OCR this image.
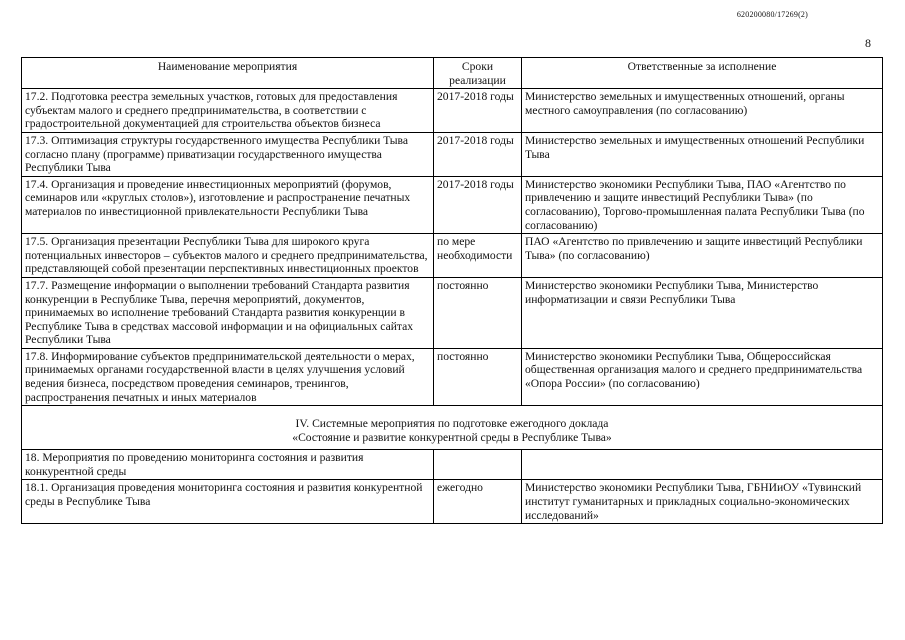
620200080/17269(2)
8
Наименование мероприятия	Сроки реализации	Ответственные за исполнение
17.2. Подготовка реестра земельных участков, готовых для предоставления субъектам малого и среднего предпринимательства, в соответствии с градостроительной документацией для строительства объектов бизнеса	2017-2018 годы	Министерство земельных и имущественных отношений, органы местного самоуправления (по согласованию)
17.3. Оптимизация структуры государственного имущества Республики Тыва согласно плану (программе) приватизации государственного имущества Республики Тыва	2017-2018 годы	Министерство земельных и имущественных отношений Республики Тыва
17.4. Организация и проведение инвестиционных мероприятий (форумов, семинаров или «круглых столов»), изготовление и распространение печатных материалов по инвестиционной привлекательности Республики Тыва	2017-2018 годы	Министерство экономики Республики Тыва, ПАО «Агентство по привлечению и защите инвестиций Республики Тыва» (по согласованию), Торгово-промышленная палата Республики Тыва (по согласованию)
17.5. Организация презентации Республики Тыва для широкого круга потенциальных инвесторов – субъектов малого и среднего предпринимательства, представляющей собой презентации перспективных инвестиционных проектов	по мере необходимости	ПАО «Агентство по привлечению и защите инвестиций Республики Тыва» (по согласованию)
17.7. Размещение информации о выполнении требований Стандарта развития конкуренции в Республике Тыва, перечня мероприятий, документов, принимаемых во исполнение требований Стандарта развития конкуренции в Республике Тыва в средствах массовой информации и на официальных сайтах Республики Тыва	постоянно	Министерство экономики Республики Тыва, Министерство информатизации и связи Республики Тыва
17.8. Информирование субъектов предпринимательской деятельности о мерах, принимаемых органами государственной власти в целях улучшения условий ведения бизнеса, посредством проведения семинаров, тренингов, распространения печатных и иных материалов	постоянно	Министерство экономики Республики Тыва, Общероссийская общественная организация малого и среднего предпринимательства «Опора России» (по согласованию)

IV. Системные мероприятия по подготовке ежегодного доклада
«Состояние и развитие конкурентной среды в Республике Тыва»		

18. Мероприятия по проведению мониторинга состояния и развития конкурентной среды		
18.1. Организация проведения мониторинга состояния и развития конкурентной среды в Республике Тыва	ежегодно	Министерство экономики Республики Тыва, ГБНИиОУ «Тувинский институт гуманитарных и прикладных социально-экономических исследований»
